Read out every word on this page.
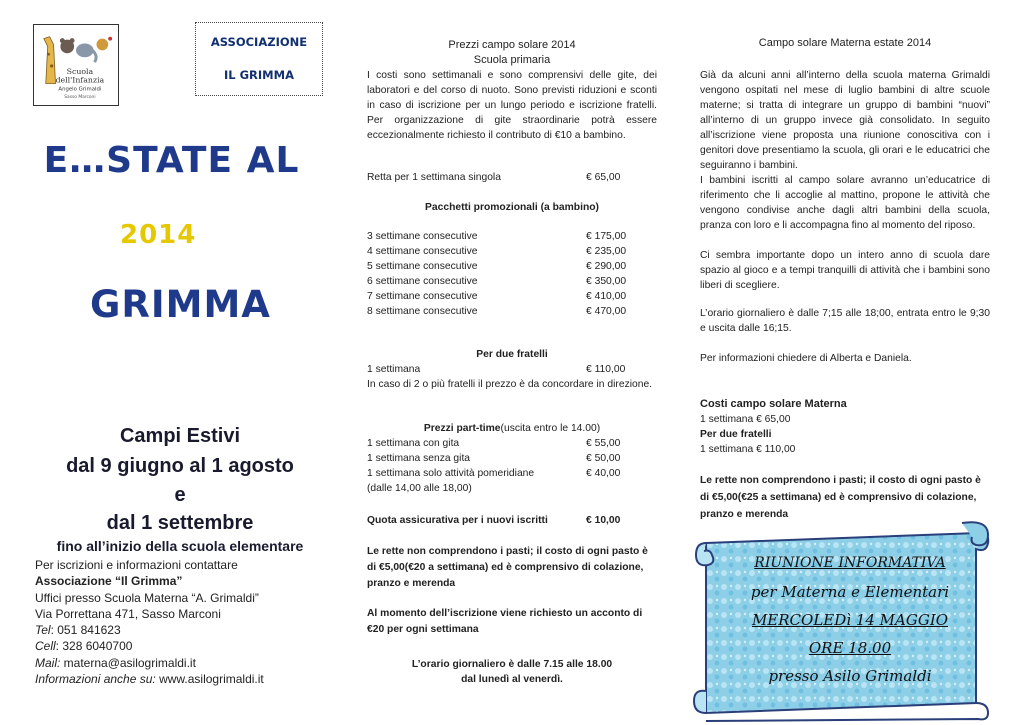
Scuola
dell'Infanzia
Angelo Grimaldi
Sasso Marconi
ASSOCIAZIONE
IL GRIMMA
E…STATE AL
2014
GRIMMA
Campi Estivi
dal 9 giugno al 1 agosto
e
dal 1 settembre
fino all’inizio della scuola elementare
Per iscrizioni e informazioni contattare
Associazione “Il Grimma”
Uffici presso Scuola Materna “A. Grimaldi”
Via Porrettana 471, Sasso Marconi
Tel: 051 841623
Cell: 328 6040700
Mail: materna@asilogrimaldi.it
Informazioni anche su: www.asilogrimaldi.it
Prezzi campo solare 2014
Scuola primaria
I costi sono settimanali e sono comprensivi delle gite, dei laboratori e del corso di nuoto. Sono previsti riduzioni e sconti in caso di iscrizione per un lungo periodo e iscrizione fratelli. Per organizzazione di gite straordinarie potrà essere eccezionalmente richiesto il contributo di €10 a bambino.
Retta per 1 settimana singola	€ 65,00
Pacchetti promozionali (a bambino)
3 settimane consecutive	€ 175,00
4 settimane consecutive	€ 235,00
5 settimane consecutive	€ 290,00
6 settimane consecutive	€ 350,00
7 settimane consecutive	€ 410,00
8 settimane consecutive	€ 470,00
Per due fratelli
1 settimana	€ 110,00
In caso di 2 o più fratelli il prezzo è da concordare in direzione.
Prezzi part-time(uscita entro le 14.00)
1 settimana con gita	€ 55,00
1 settimana senza gita	€ 50,00
1 settimana solo attività pomeridiane	€ 40,00
(dalle 14,00 alle 18,00)
Quota assicurativa per i nuovi iscritti	€ 10,00
Le rette non comprendono i pasti; il costo di ogni pasto è di €5,00(€20 a settimana) ed è comprensivo di colazione, pranzo e merenda
Al momento dell’iscrizione viene richiesto un acconto di €20 per ogni settimana
L’orario giornaliero è dalle 7.15 alle 18.00
dal lunedì al venerdì.
Campo solare Materna estate 2014
Già da alcuni anni all’interno della scuola materna Grimaldi vengono ospitati nel mese di luglio bambini di altre scuole materne; si tratta di integrare un gruppo di bambini “nuovi” all’interno di un gruppo invece già consolidato. In seguito all’iscrizione viene proposta una riunione conoscitiva con i genitori dove presentiamo la scuola, gli orari e le educatrici che seguiranno i bambini.
I bambini iscritti al campo solare avranno un’educatrice di riferimento che li accoglie al mattino, propone le attività che vengono condivise anche dagli altri bambini della scuola, pranza con loro e li accompagna fino al momento del riposo.
Ci sembra importante dopo un intero anno di scuola dare spazio al gioco e a tempi tranquilli di attività che i bambini sono liberi di scegliere.
L’orario giornaliero è dalle 7;15 alle 18;00, entrata entro le 9;30 e uscita dalle 16;15.
Per informazioni chiedere di Alberta e Daniela.
Costi campo solare Materna
1 settimana € 65,00
Per due fratelli
1 settimana € 110,00
Le rette non comprendono i pasti; il costo di ogni pasto è di €5,00(€25 a settimana) ed è comprensivo di colazione, pranzo e merenda
RIUNIONE INFORMATIVA
per Materna e Elementari
MERCOLEDì 14 MAGGIO
ORE 18.00
presso Asilo Grimaldi
